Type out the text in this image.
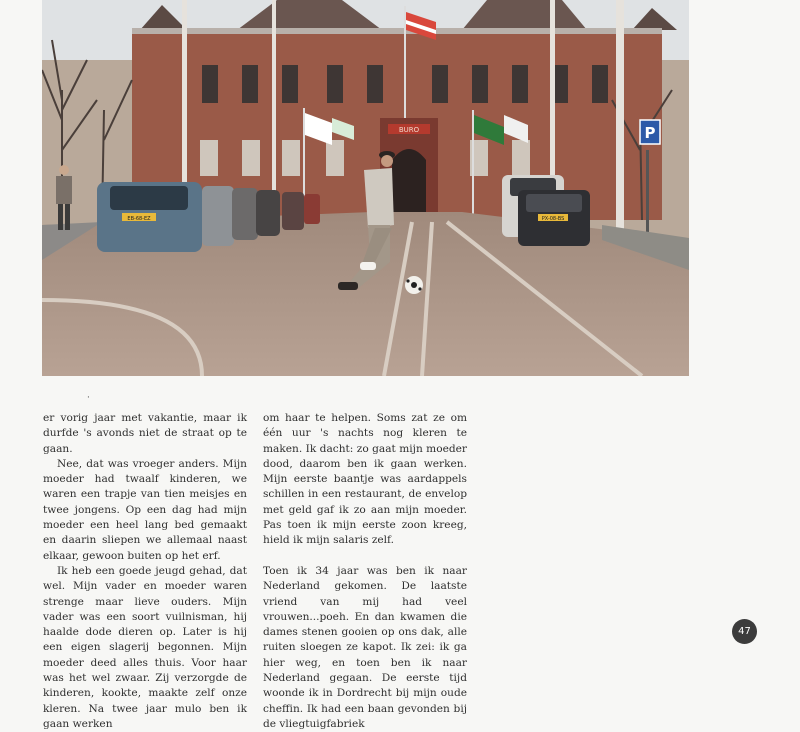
BURO	P
EB-68-EZ	PX-08-BS
·

er vorig jaar met vakantie, maar ik durfde 's avonds niet de straat op te gaan.

Nee, dat was vroeger anders. Mijn moeder had twaalf kinderen, we waren een trapje van tien meisjes en twee jongens. Op een dag had mijn moeder een heel lang bed gemaakt en daarin sliepen we allemaal naast elkaar, gewoon buiten op het erf.

Ik heb een goede jeugd gehad, dat wel. Mijn vader en moeder waren strenge maar lieve ouders. Mijn vader was een soort vuilnisman, hij haalde dode dieren op. Later is hij een eigen slagerij begonnen. Mijn moeder deed alles thuis. Voor haar was het wel zwaar. Zij verzorgde de kinderen, kookte, maakte zelf onze kleren. Na twee jaar mulo ben ik gaan werken

om haar te helpen. Soms zat ze om één uur 's nachts nog kleren te maken. Ik dacht: zo gaat mijn moeder dood, daarom ben ik gaan werken. Mijn eerste baantje was aardappels schillen in een restaurant, de envelop met geld gaf ik zo aan mijn moeder. Pas toen ik mijn eerste zoon kreeg, hield ik mijn salaris zelf.

Toen ik 34 jaar was ben ik naar Nederland gekomen. De laatste vriend van mij had veel vrouwen...poeh. En dan kwamen die dames stenen gooien op ons dak, alle ruiten sloegen ze kapot. Ik zei: ik ga hier weg, en toen ben ik naar Nederland gegaan. De eerste tijd woonde ik in Dordrecht bij mijn oude cheffin. Ik had een baan gevonden bij de vliegtuigfabriek

47
